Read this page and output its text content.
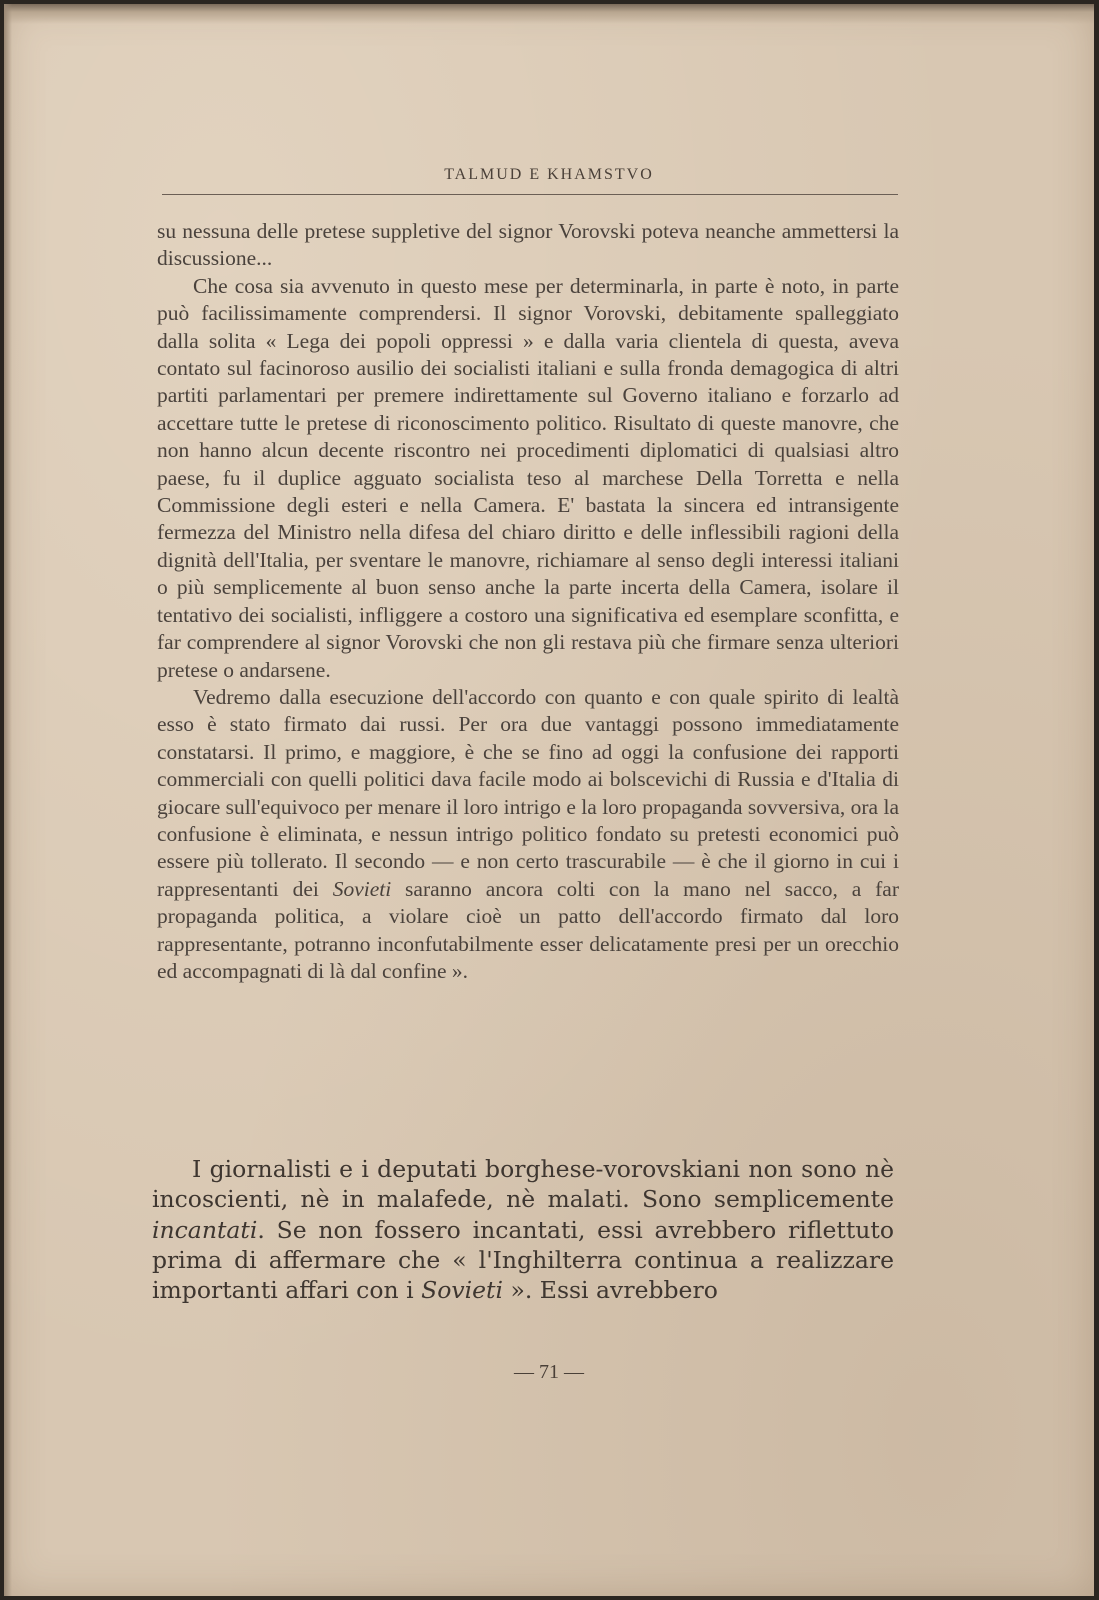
TALMUD E KHAMSTVO

su nessuna delle pretese suppletive del signor Vorovski poteva neanche ammettersi la discussione...

Che cosa sia avvenuto in questo mese per determinarla, in parte è noto, in parte può facilissimamente comprendersi. Il signor Vorovski, debitamente spalleggiato dalla solita « Lega dei popoli oppressi » e dalla varia clientela di questa, aveva contato sul facinoroso ausilio dei socialisti italiani e sulla fronda demagogica di altri partiti parlamentari per premere indirettamente sul Governo italiano e forzarlo ad accettare tutte le pretese di riconoscimento politico. Risultato di queste manovre, che non hanno alcun decente riscontro nei procedimenti diplomatici di qualsiasi altro paese, fu il duplice agguato socialista teso al marchese Della Torretta e nella Commissione degli esteri e nella Camera. E' bastata la sincera ed intransigente fermezza del Ministro nella difesa del chiaro diritto e delle inflessibili ragioni della dignità dell'Italia, per sventare le manovre, richiamare al senso degli interessi italiani o più semplicemente al buon senso anche la parte incerta della Camera, isolare il tentativo dei socialisti, infliggere a costoro una significativa ed esemplare sconfitta, e far comprendere al signor Vorovski che non gli restava più che firmare senza ulteriori pretese o andarsene.

Vedremo dalla esecuzione dell'accordo con quanto e con quale spirito di lealtà esso è stato firmato dai russi. Per ora due vantaggi possono immediatamente constatarsi. Il primo, e maggiore, è che se fino ad oggi la confusione dei rapporti commerciali con quelli politici dava facile modo ai bolscevichi di Russia e d'Italia di giocare sull'equivoco per menare il loro intrigo e la loro propaganda sovversiva, ora la confusione è eliminata, e nessun intrigo politico fondato su pretesti economici può essere più tollerato. Il secondo — e non certo trascurabile — è che il giorno in cui i rappresentanti dei Sovieti saranno ancora colti con la mano nel sacco, a far propaganda politica, a violare cioè un patto dell'accordo firmato dal loro rappresentante, potranno inconfutabilmente esser delicatamente presi per un orecchio ed accompagnati di là dal confine ».

I giornalisti e i deputati borghese-vorovskiani non sono nè incoscienti, nè in malafede, nè malati. Sono semplicemente incantati. Se non fossero incantati, essi avrebbero riflettuto prima di affermare che « l'Inghilterra continua a realizzare importanti affari con i Sovieti ». Essi avrebbero

— 71 —
